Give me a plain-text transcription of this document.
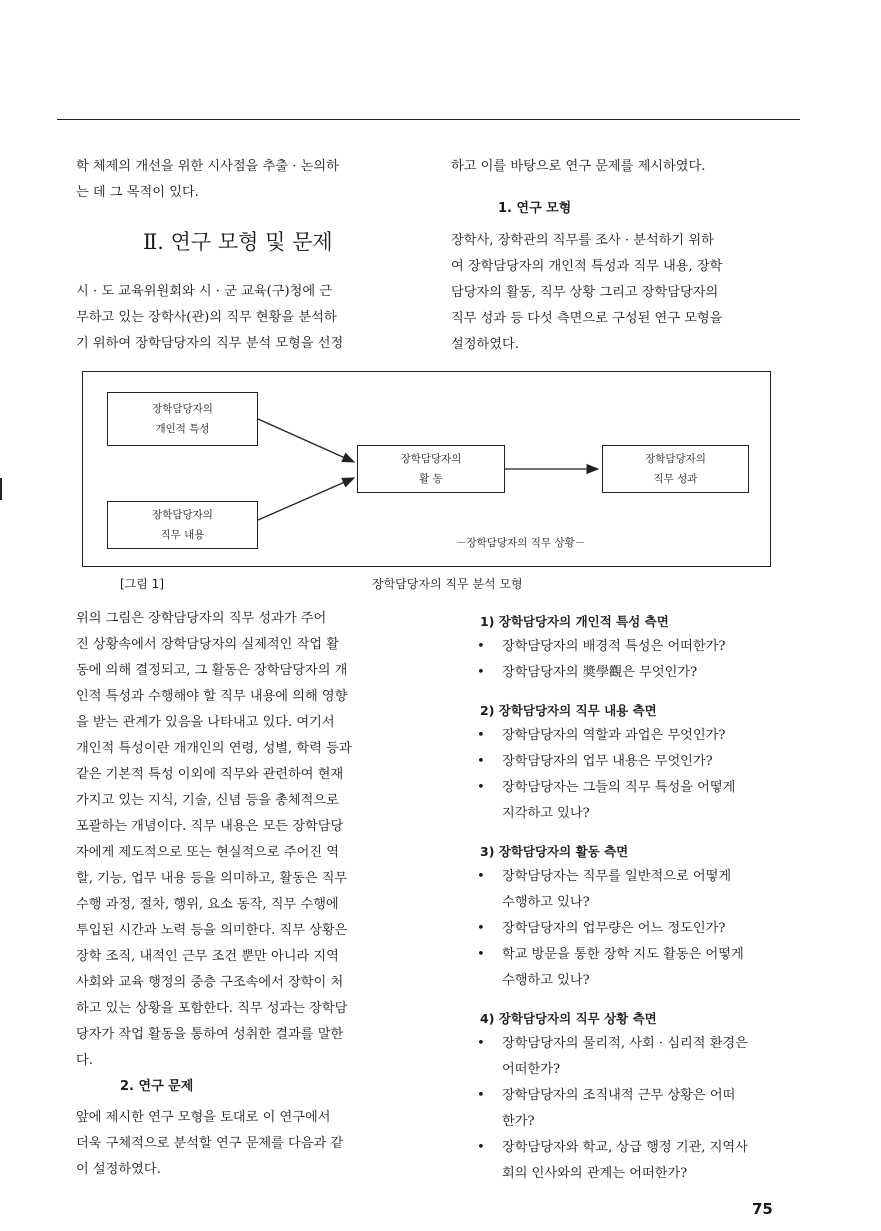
학 체제의 개선을 위한 시사점을 추출 · 논의하
는 데 그 목적이 있다.

Ⅱ. 연구 모형 및 문제

시 · 도 교육위원회와 시 · 군 교육(구)청에 근
무하고 있는 장학사(관)의 직무 현황을 분석하
기 위하여 장학담당자의 직무 분석 모형을 선정

하고 이를 바탕으로 연구 문제를 제시하였다.

1. 연구 모형

장학사, 장학관의 직무를 조사 · 분석하기 위하
여 장학담당자의 개인적 특성과 직무 내용, 장학
담당자의 활동, 직무 상황 그리고 장학담당자의
직무 성과 등 다섯 측면으로 구성된 연구 모형을
설정하였다.

장학담당자의
개인적 특성
장학담당자의
직무 내용
장학담당자의
활 동
장학담당자의
직무 성과
－장학담당자의 직무 상황－
[그림 1]	장학담당자의 직무 분석 모형

위의 그림은 장학담당자의 직무 성과가 주어
진 상황속에서 장학담당자의 실제적인 작업 활
동에 의해 결정되고, 그 활동은 장학담당자의 개
인적 특성과 수행해야 할 직무 내용에 의해 영향
을 받는 관계가 있음을 나타내고 있다. 여기서
개인적 특성이란 개개인의 연령, 성별, 학력 등과
같은 기본적 특성 이외에 직무와 관련하여 현재
가지고 있는 지식, 기술, 신념 등을 총체적으로
포괄하는 개념이다. 직무 내용은 모든 장학담당
자에게 제도적으로 또는 현실적으로 주어진 역
할, 기능, 업무 내용 등을 의미하고, 활동은 직무
수행 과정, 절차, 행위, 요소 동작, 직무 수행에
투입된 시간과 노력 등을 의미한다. 직무 상황은
장학 조직, 내적인 근무 조건 뿐만 아니라 지역
사회와 교육 행정의 중층 구조속에서 장학이 처
하고 있는 상황을 포함한다. 직무 성과는 장학담
당자가 작업 활동을 통하여 성취한 결과를 말한
다.

2. 연구 문제

앞에 제시한 연구 모형을 토대로 이 연구에서
더욱 구체적으로 분석할 연구 문제를 다음과 같
이 설정하였다.

1) 장학담당자의 개인적 특성 측면
• 장학담당자의 배경적 특성은 어떠한가?
• 장학담당자의 奬學觀은 무엇인가?
2) 장학담당자의 직무 내용 측면
• 장학담당자의 역할과 과업은 무엇인가?
• 장학담당자의 업무 내용은 무엇인가?
• 장학담당자는 그들의 직무 특성을 어떻게
지각하고 있나?
3) 장학담당자의 활동 측면
• 장학담당자는 직무를 일반적으로 어떻게
수행하고 있나?
• 장학담당자의 업무량은 어느 정도인가?
• 학교 방문을 통한 장학 지도 활동은 어떻게
수행하고 있나?
4) 장학담당자의 직무 상황 측면
• 장학담당자의 물리적, 사회 · 심리적 환경은
어떠한가?
• 장학담당자의 조직내적 근무 상황은 어떠
한가?
• 장학담당자와 학교, 상급 행정 기관, 지역사
회의 인사와의 관계는 어떠한가?
75
